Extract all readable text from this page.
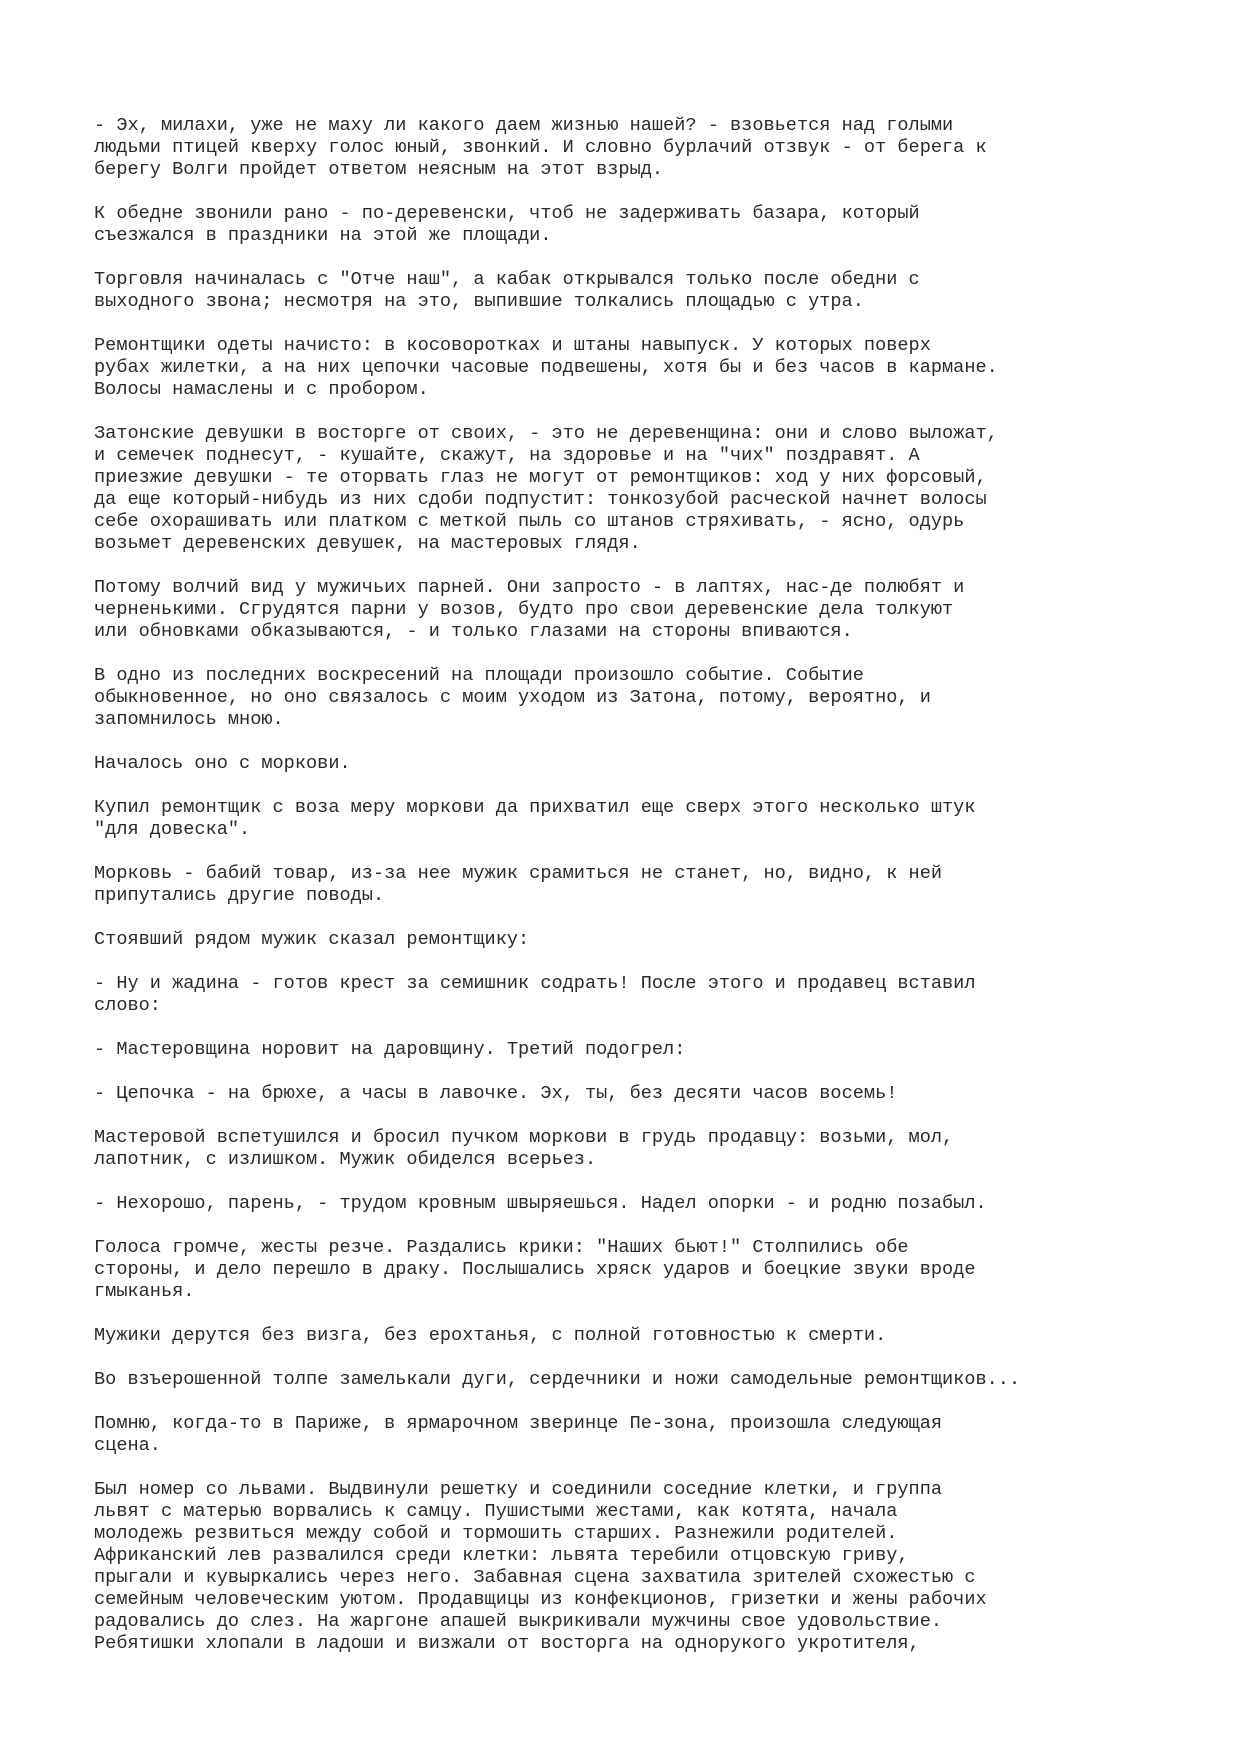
- Эх, милахи, уже не маху ли какого даем жизнью нашей? - взовьется над голыми
людьми птицей кверху голос юный, звонкий. И словно бурлачий отзвук - от берега к
берегу Волги пройдет ответом неясным на этот взрыд.

К обедне звонили рано - по-деревенски, чтоб не задерживать базара, который
съезжался в праздники на этой же площади.

Торговля начиналась с "Отче наш", а кабак открывался только после обедни с
выходного звона; несмотря на это, выпившие толкались площадью с утра.

Ремонтщики одеты начисто: в косоворотках и штаны навыпуск. У которых поверх
рубах жилетки, а на них цепочки часовые подвешены, хотя бы и без часов в кармане.
Волосы намаслены и с пробором.

Затонские девушки в восторге от своих, - это не деревенщина: они и слово выложат,
и семечек поднесут, - кушайте, скажут, на здоровье и на "чих" поздравят. А
приезжие девушки - те оторвать глаз не могут от ремонтщиков: ход у них форсовый,
да еще который-нибудь из них сдоби подпустит: тонкозубой расческой начнет волосы
себе охорашивать или платком с меткой пыль со штанов стряхивать, - ясно, одурь
возьмет деревенских девушек, на мастеровых глядя.

Потому волчий вид у мужичьих парней. Они запросто - в лаптях, нас-де полюбят и
черненькими. Сгрудятся парни у возов, будто про свои деревенские дела толкуют
или обновками обказываются, - и только глазами на стороны впиваются.

В одно из последних воскресений на площади произошло событие. Событие
обыкновенное, но оно связалось с моим уходом из Затона, потому, вероятно, и
запомнилось мною.

Началось оно с моркови.

Купил ремонтщик с воза меру моркови да прихватил еще сверх этого несколько штук
"для довеска".

Морковь - бабий товар, из-за нее мужик срамиться не станет, но, видно, к ней
припутались другие поводы.

Стоявший рядом мужик сказал ремонтщику:

- Ну и жадина - готов крест за семишник содрать! После этого и продавец вставил
слово:

- Мастеровщина норовит на даровщину. Третий подогрел:

- Цепочка - на брюхе, а часы в лавочке. Эх, ты, без десяти часов восемь!

Мастеровой вспетушился и бросил пучком моркови в грудь продавцу: возьми, мол,
лапотник, с излишком. Мужик обиделся всерьез.

- Нехорошо, парень, - трудом кровным швыряешься. Надел опорки - и родню позабыл.

Голоса громче, жесты резче. Раздались крики: "Наших бьют!" Столпились обе
стороны, и дело перешло в драку. Послышались хряск ударов и боецкие звуки вроде
гмыканья.

Мужики дерутся без визга, без ерохтанья, с полной готовностью к смерти.

Во взъерошенной толпе замелькали дуги, сердечники и ножи самодельные ремонтщиков...

Помню, когда-то в Париже, в ярмарочном зверинце Пе-зона, произошла следующая
сцена.

Был номер со львами. Выдвинули решетку и соединили соседние клетки, и группа
львят с матерью ворвались к самцу. Пушистыми жестами, как котята, начала
молодежь резвиться между собой и тормошить старших. Разнежили родителей.
Африканский лев развалился среди клетки: львята теребили отцовскую гриву,
прыгали и кувыркались через него. Забавная сцена захватила зрителей схожестью с
семейным человеческим уютом. Продавщицы из конфекционов, гризетки и жены рабочих
радовались до слез. На жаргоне апашей выкрикивали мужчины свое удовольствие.
Ребятишки хлопали в ладоши и визжали от восторга на однорукого укротителя,
